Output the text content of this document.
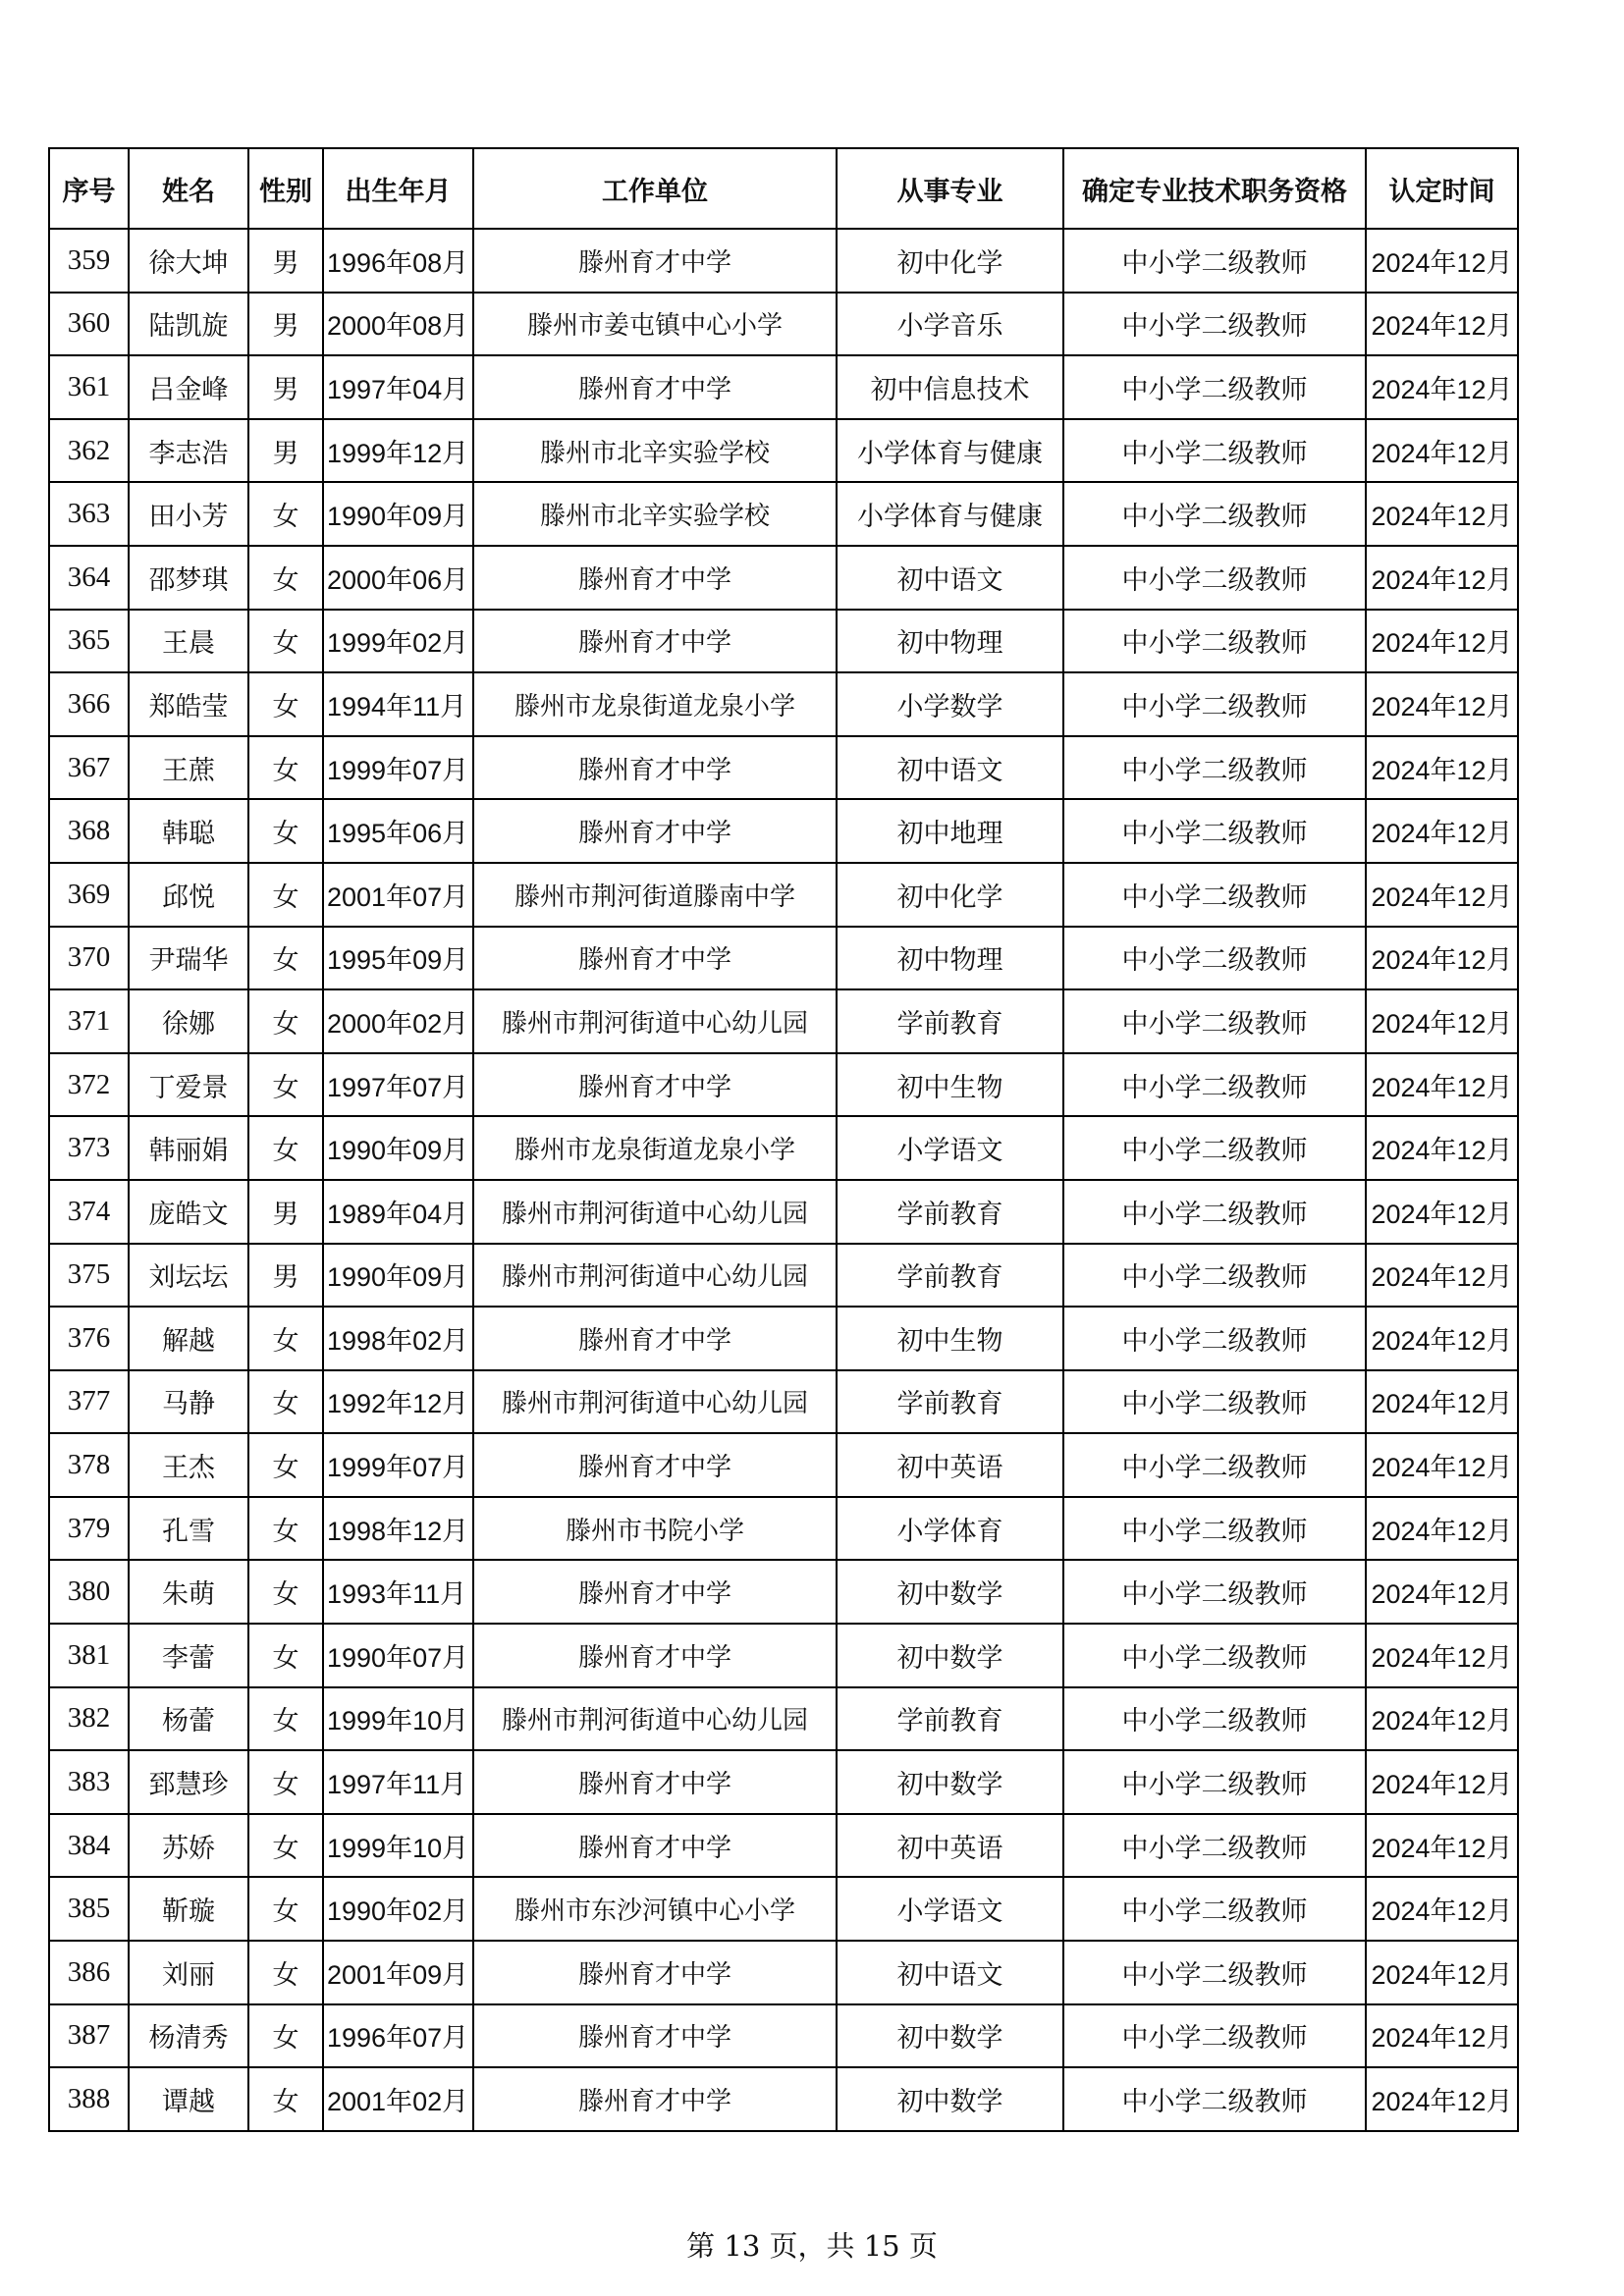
序号	姓名	性别	出生年月	工作单位	从事专业	确定专业技术职务资格	认定时间
359	徐大坤	男	1996年08月	滕州育才中学	初中化学	中小学二级教师	2024年12月
360	陆凯旋	男	2000年08月	滕州市姜屯镇中心小学	小学音乐	中小学二级教师	2024年12月
361	吕金峰	男	1997年04月	滕州育才中学	初中信息技术	中小学二级教师	2024年12月
362	李志浩	男	1999年12月	滕州市北辛实验学校	小学体育与健康	中小学二级教师	2024年12月
363	田小芳	女	1990年09月	滕州市北辛实验学校	小学体育与健康	中小学二级教师	2024年12月
364	邵梦琪	女	2000年06月	滕州育才中学	初中语文	中小学二级教师	2024年12月
365	王晨	女	1999年02月	滕州育才中学	初中物理	中小学二级教师	2024年12月
366	郑皓莹	女	1994年11月	滕州市龙泉街道龙泉小学	小学数学	中小学二级教师	2024年12月
367	王蔗	女	1999年07月	滕州育才中学	初中语文	中小学二级教师	2024年12月
368	韩聪	女	1995年06月	滕州育才中学	初中地理	中小学二级教师	2024年12月
369	邱悦	女	2001年07月	滕州市荆河街道滕南中学	初中化学	中小学二级教师	2024年12月
370	尹瑞华	女	1995年09月	滕州育才中学	初中物理	中小学二级教师	2024年12月
371	徐娜	女	2000年02月	滕州市荆河街道中心幼儿园	学前教育	中小学二级教师	2024年12月
372	丁爱景	女	1997年07月	滕州育才中学	初中生物	中小学二级教师	2024年12月
373	韩丽娟	女	1990年09月	滕州市龙泉街道龙泉小学	小学语文	中小学二级教师	2024年12月
374	庞皓文	男	1989年04月	滕州市荆河街道中心幼儿园	学前教育	中小学二级教师	2024年12月
375	刘坛坛	男	1990年09月	滕州市荆河街道中心幼儿园	学前教育	中小学二级教师	2024年12月
376	解越	女	1998年02月	滕州育才中学	初中生物	中小学二级教师	2024年12月
377	马静	女	1992年12月	滕州市荆河街道中心幼儿园	学前教育	中小学二级教师	2024年12月
378	王杰	女	1999年07月	滕州育才中学	初中英语	中小学二级教师	2024年12月
379	孔雪	女	1998年12月	滕州市书院小学	小学体育	中小学二级教师	2024年12月
380	朱萌	女	1993年11月	滕州育才中学	初中数学	中小学二级教师	2024年12月
381	李蕾	女	1990年07月	滕州育才中学	初中数学	中小学二级教师	2024年12月
382	杨蕾	女	1999年10月	滕州市荆河街道中心幼儿园	学前教育	中小学二级教师	2024年12月
383	郅慧珍	女	1997年11月	滕州育才中学	初中数学	中小学二级教师	2024年12月
384	苏娇	女	1999年10月	滕州育才中学	初中英语	中小学二级教师	2024年12月
385	靳璇	女	1990年02月	滕州市东沙河镇中心小学	小学语文	中小学二级教师	2024年12月
386	刘丽	女	2001年09月	滕州育才中学	初中语文	中小学二级教师	2024年12月
387	杨清秀	女	1996年07月	滕州育才中学	初中数学	中小学二级教师	2024年12月
388	谭越	女	2001年02月	滕州育才中学	初中数学	中小学二级教师	2024年12月
第 13 页，共 15 页
